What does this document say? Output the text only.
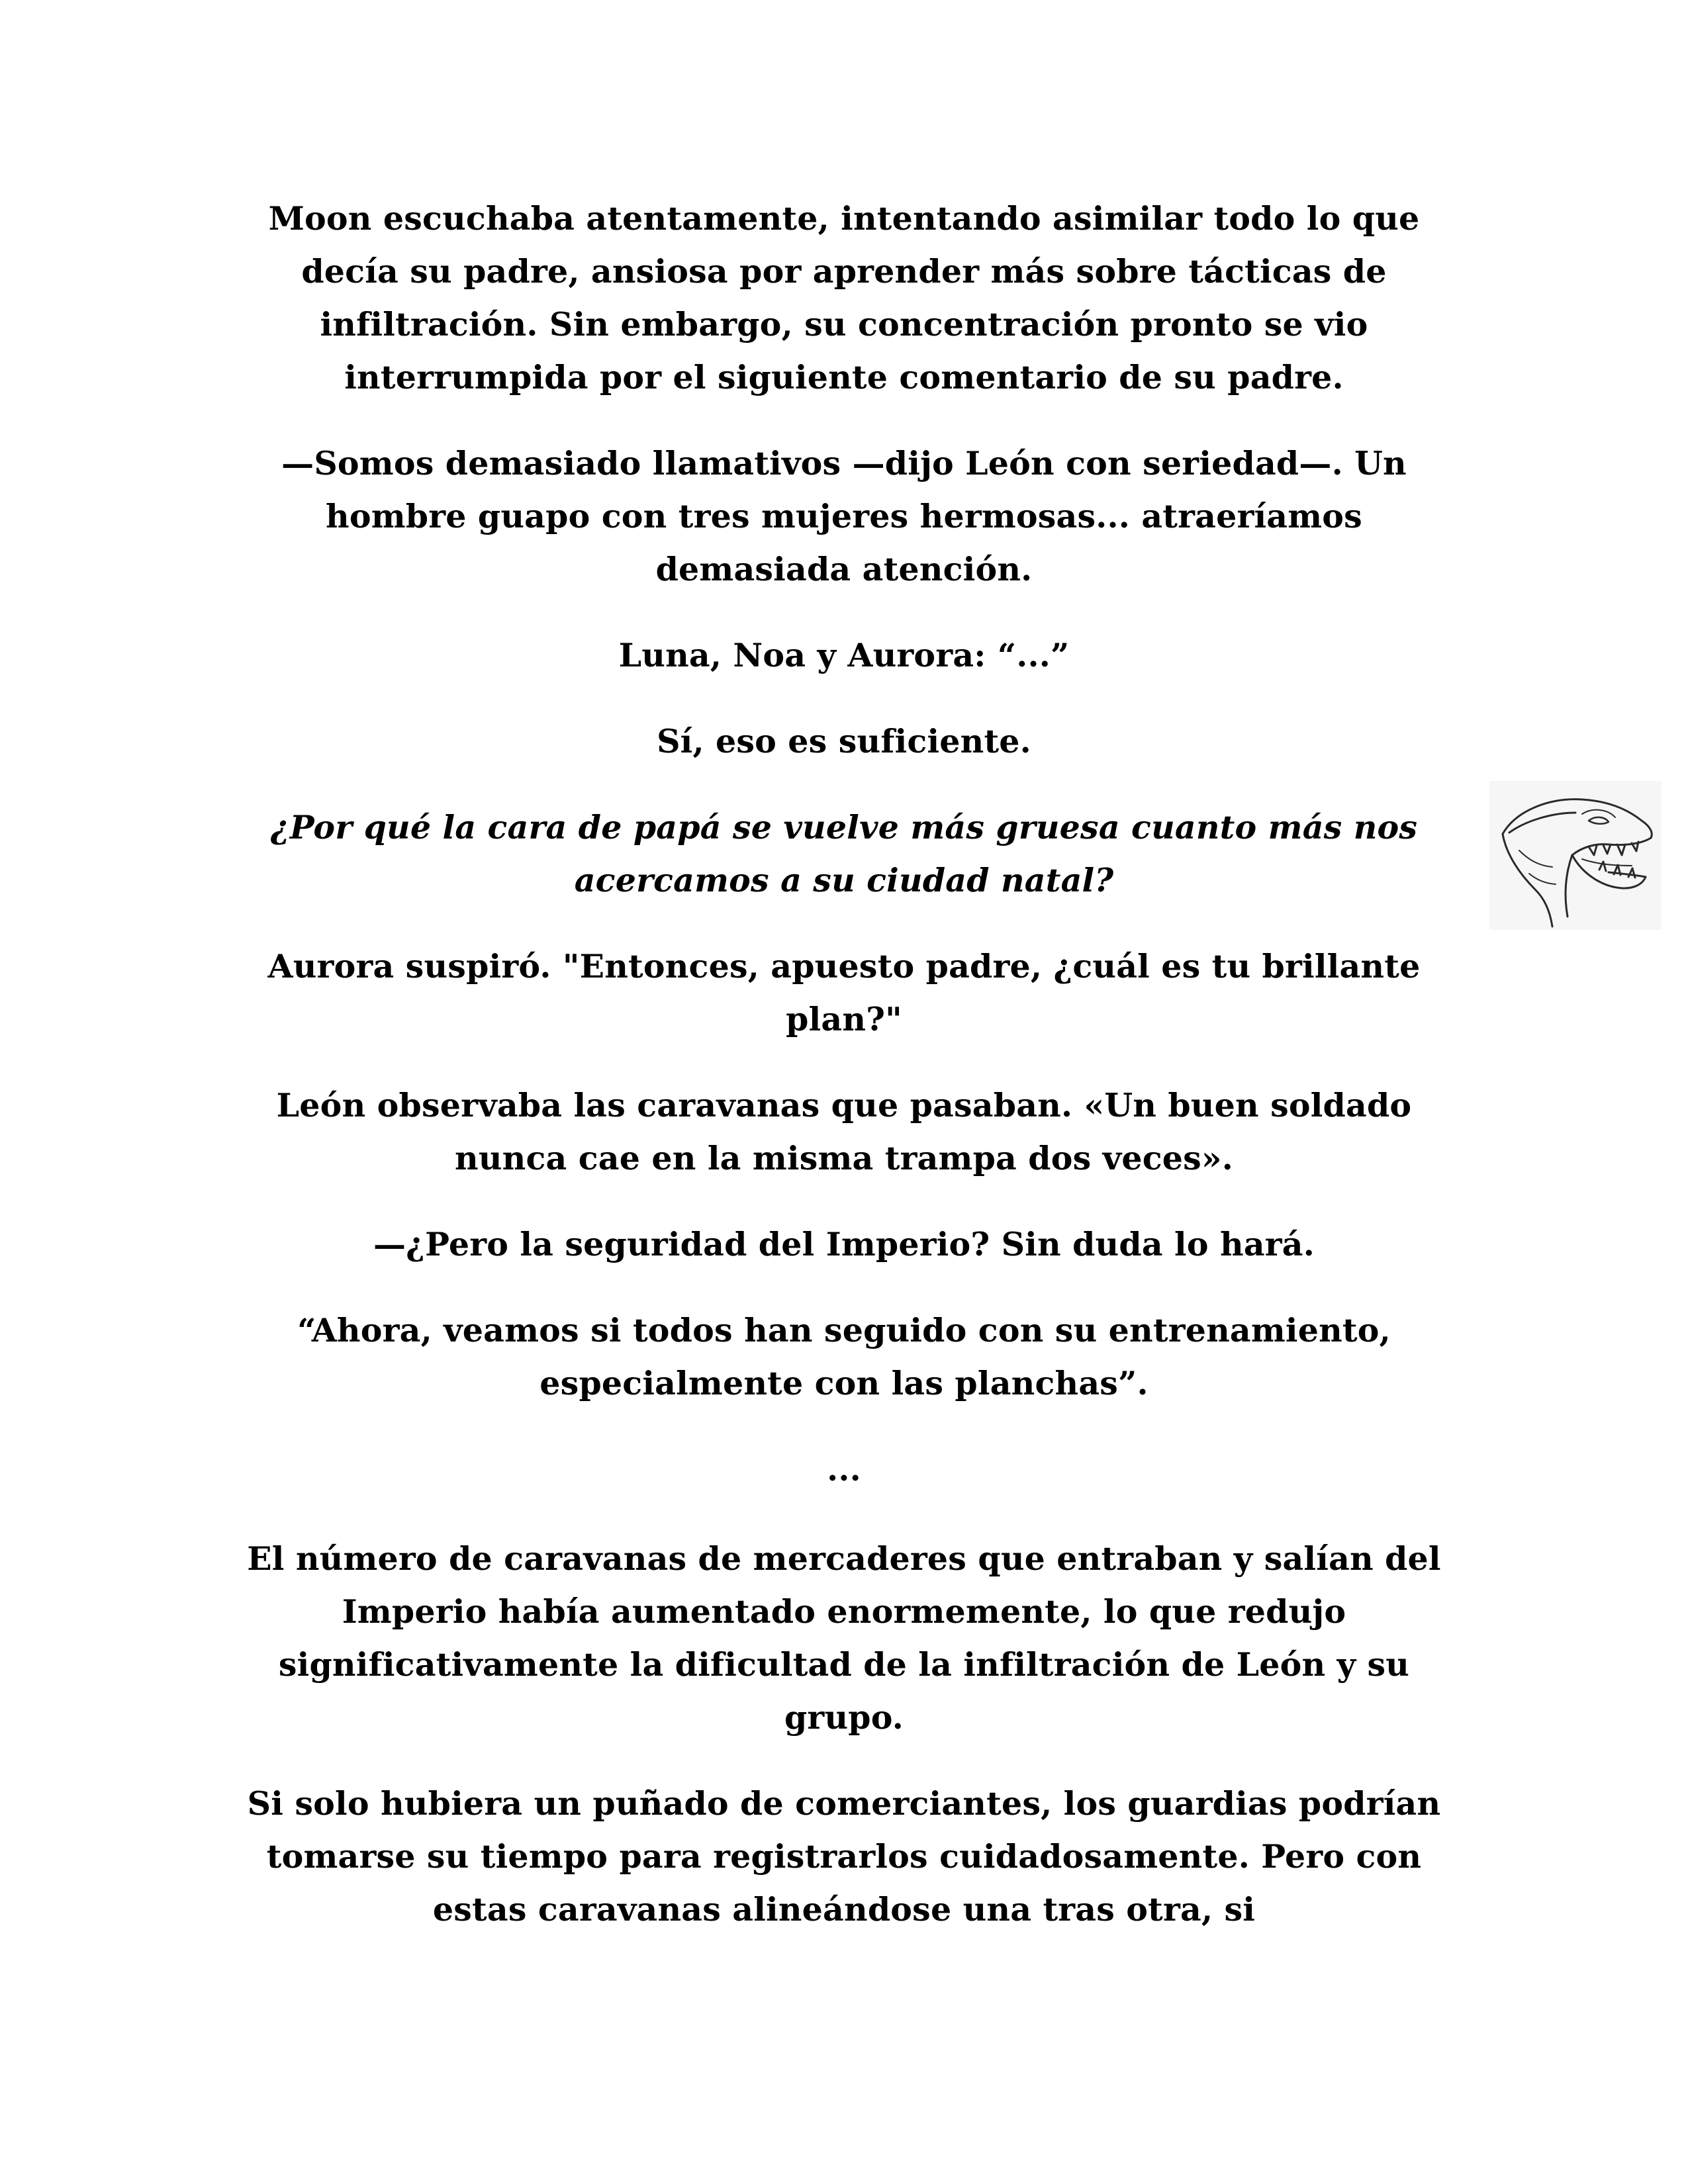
Moon escuchaba atentamente, intentando asimilar todo lo que decía su padre, ansiosa por aprender más sobre tácticas de infiltración. Sin embargo, su concentración pronto se vio interrumpida por el siguiente comentario de su padre.

—Somos demasiado llamativos —dijo León con seriedad—. Un hombre guapo con tres mujeres hermosas... atraeríamos demasiada atención.

Luna, Noa y Aurora: “...”

Sí, eso es suficiente.

¿Por qué la cara de papá se vuelve más gruesa cuanto más nos acercamos a su ciudad natal?

Aurora suspiró. "Entonces, apuesto padre, ¿cuál es tu brillante plan?"

León observaba las caravanas que pasaban. «Un buen soldado nunca cae en la misma trampa dos veces».

—¿Pero la seguridad del Imperio? Sin duda lo hará.

“Ahora, veamos si todos han seguido con su entrenamiento, especialmente con las planchas”.

...

El número de caravanas de mercaderes que entraban y salían del Imperio había aumentado enormemente, lo que redujo significativamente la dificultad de la infiltración de León y su grupo.

Si solo hubiera un puñado de comerciantes, los guardias podrían tomarse su tiempo para registrarlos cuidadosamente. Pero con estas caravanas alineándose una tras otra, si
